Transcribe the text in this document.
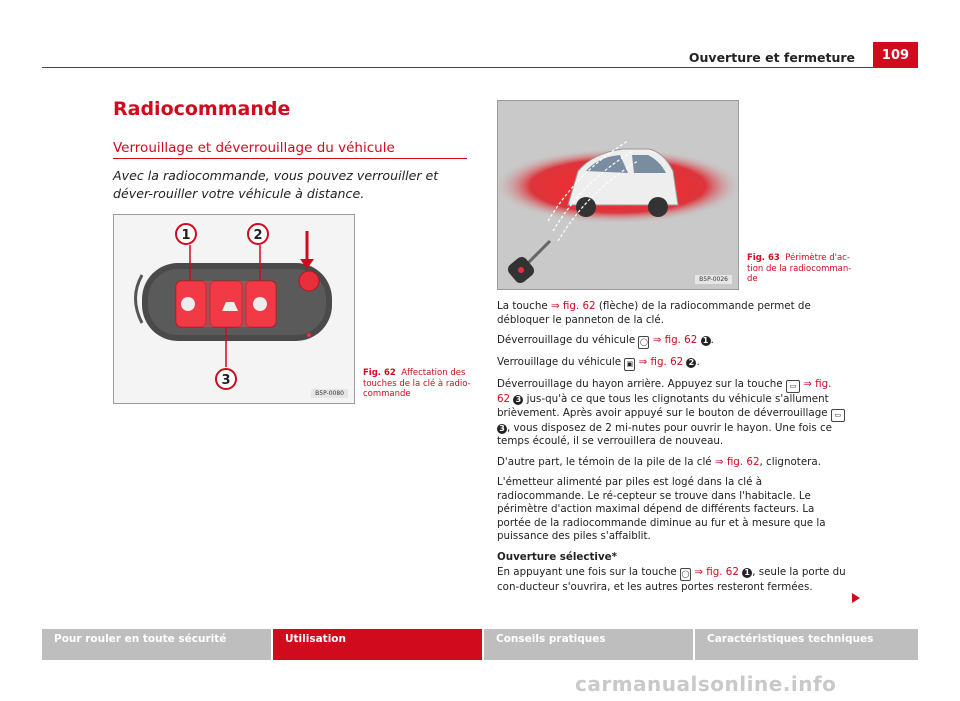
Ouverture et fermeture	109
Radiocommande
Verrouillage et déverrouillage du véhicule
Avec la radiocommande, vous pouvez verrouiller et déver-rouiller votre véhicule à distance.
1	2
3
B5P-0080
Fig. 62 Affectation des touches de la clé à radio-commande
B5P-0026
Fig. 63 Périmètre d'ac-tion de la radiocomman-de

La touche ⇒ fig. 62 (flèche) de la radiocommande permet de débloquer le panneton de la clé.

Déverrouillage du véhicule ◯ ⇒ fig. 62 1 .

Verrouillage du véhicule ▣ ⇒ fig. 62 2 .

Déverrouillage du hayon arrière. Appuyez sur la touche ▭ ⇒ fig. 62 3 jus-qu'à ce que tous les clignotants du véhicule s'allument brièvement. Après avoir appuyé sur le bouton de déverrouillage ▭ 3 , vous disposez de 2 mi-nutes pour ouvrir le hayon. Une fois ce temps écoulé, il se verrouillera de nouveau.

D'autre part, le témoin de la pile de la clé ⇒ fig. 62, clignotera.

L'émetteur alimenté par piles est logé dans la clé à radiocommande. Le ré-cepteur se trouve dans l'habitacle. Le périmètre d'action maximal dépend de différents facteurs. La portée de la radiocommande diminue au fur et à mesure que la puissance des piles s'affaiblit.

Ouverture sélective*

En appuyant une fois sur la touche ◯ ⇒ fig. 62 1 , seule la porte du con-ducteur s'ouvrira, et les autres portes resteront fermées.

Pour rouler en toute sécurité	Utilisation	Conseils pratiques	Caractéristiques techniques
carmanualsonline.info
